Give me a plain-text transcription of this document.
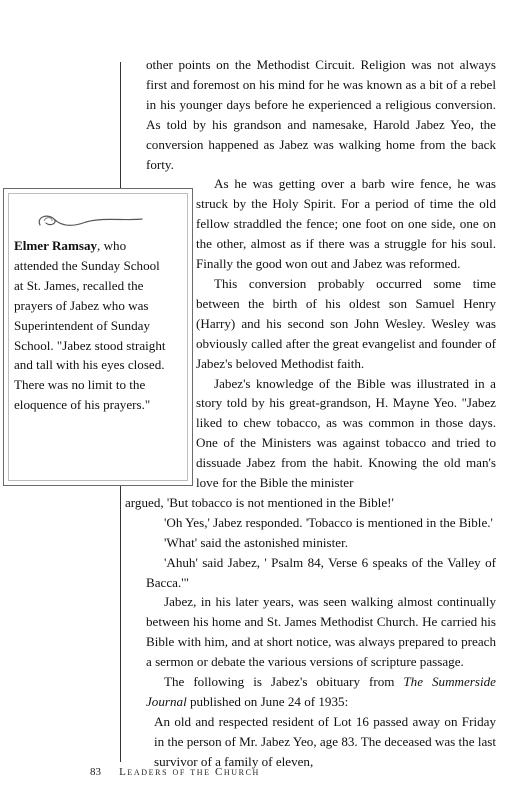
other points on the Methodist Circuit. Religion was not always first and foremost on his mind for he was known as a bit of a rebel in his younger days before he experienced a religious conversion. As told by his grandson and namesake, Harold Jabez Yeo, the conversion happened as Jabez was walking home from the back forty.

As he was getting over a barb wire fence, he was struck by the Holy Spirit. For a period of time the old fellow straddled the fence; one foot on one side, one on the other, almost as if there was a struggle for his soul. Finally the good won out and Jabez was reformed.

This conversion probably occurred some time between the birth of his oldest son Samuel Henry (Harry) and his second son John Wesley. Wesley was obviously called after the great evangelist and founder of Jabez's beloved Methodist faith.

Jabez's knowledge of the Bible was illustrated in a story told by his great-grandson, H. Mayne Yeo. "Jabez liked to chew tobacco, as was common in those days. One of the Ministers was against tobacco and tried to dissuade Jabez from the habit. Knowing the old man's love for the Bible the minister

argued, 'But tobacco is not mentioned in the Bible!'

'Oh Yes,' Jabez responded. 'Tobacco is mentioned in the Bible.'

'What' said the astonished minister.

'Ahuh' said Jabez, ' Psalm 84, Verse 6 speaks of the Valley of Bacca.'"

Jabez, in his later years, was seen walking almost continually between his home and St. James Methodist Church. He carried his Bible with him, and at short notice, was always prepared to preach a sermon or debate the various versions of scripture passage.

The following is Jabez's obituary from The Summerside Journal published on June 24 of 1935:

An old and respected resident of Lot 16 passed away on Friday in the person of Mr. Jabez Yeo, age 83. The deceased was the last survivor of a family of eleven,

Elmer Ramsay, who attended the Sunday School at St. James, recalled the prayers of Jabez who was Superintendent of Sunday School. "Jabez stood straight and tall with his eyes closed. There was no limit to the eloquence of his prayers."
83 Leaders of the Church
